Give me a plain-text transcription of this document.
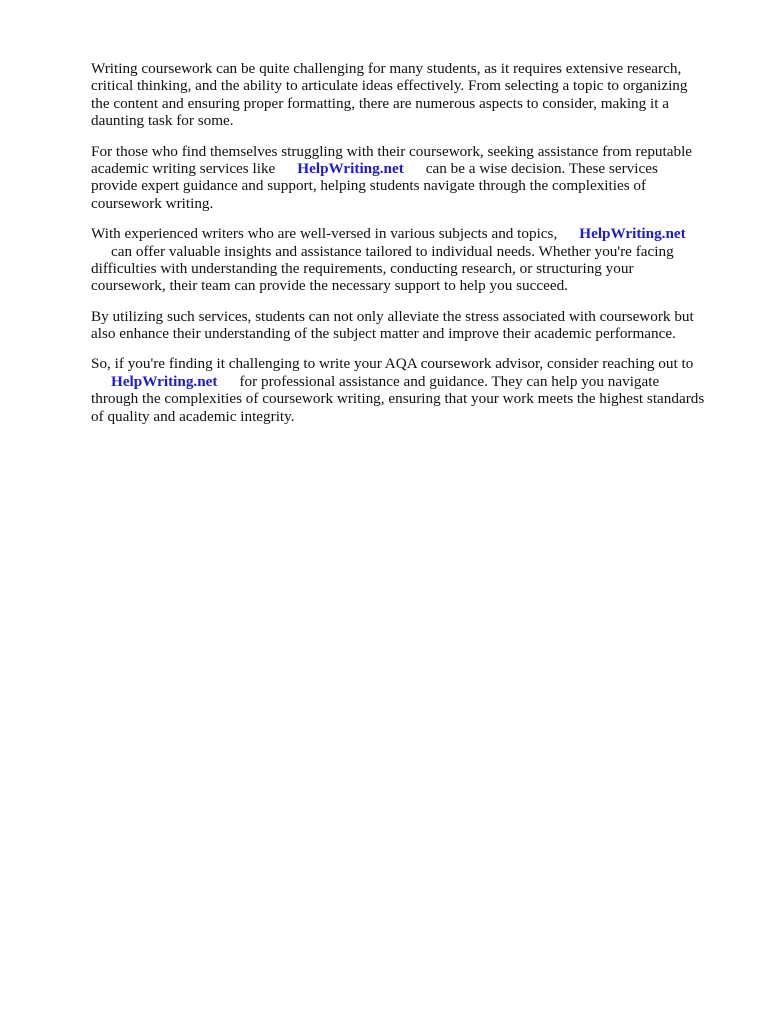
Writing coursework can be quite challenging for many students, as it requires extensive research,
critical thinking, and the ability to articulate ideas effectively. From selecting a topic to organizing
the content and ensuring proper formatting, there are numerous aspects to consider, making it a
daunting task for some.
For those who find themselves struggling with their coursework, seeking assistance from reputable
academic writing services like HelpWriting.net can be a wise decision. These services
provide expert guidance and support, helping students navigate through the complexities of
coursework writing.
With experienced writers who are well-versed in various subjects and topics, HelpWriting.net
can offer valuable insights and assistance tailored to individual needs. Whether you're facing
difficulties with understanding the requirements, conducting research, or structuring your
coursework, their team can provide the necessary support to help you succeed.
By utilizing such services, students can not only alleviate the stress associated with coursework but
also enhance their understanding of the subject matter and improve their academic performance.
So, if you're finding it challenging to write your AQA coursework advisor, consider reaching out to
HelpWriting.net for professional assistance and guidance. They can help you navigate
through the complexities of coursework writing, ensuring that your work meets the highest standards
of quality and academic integrity.
